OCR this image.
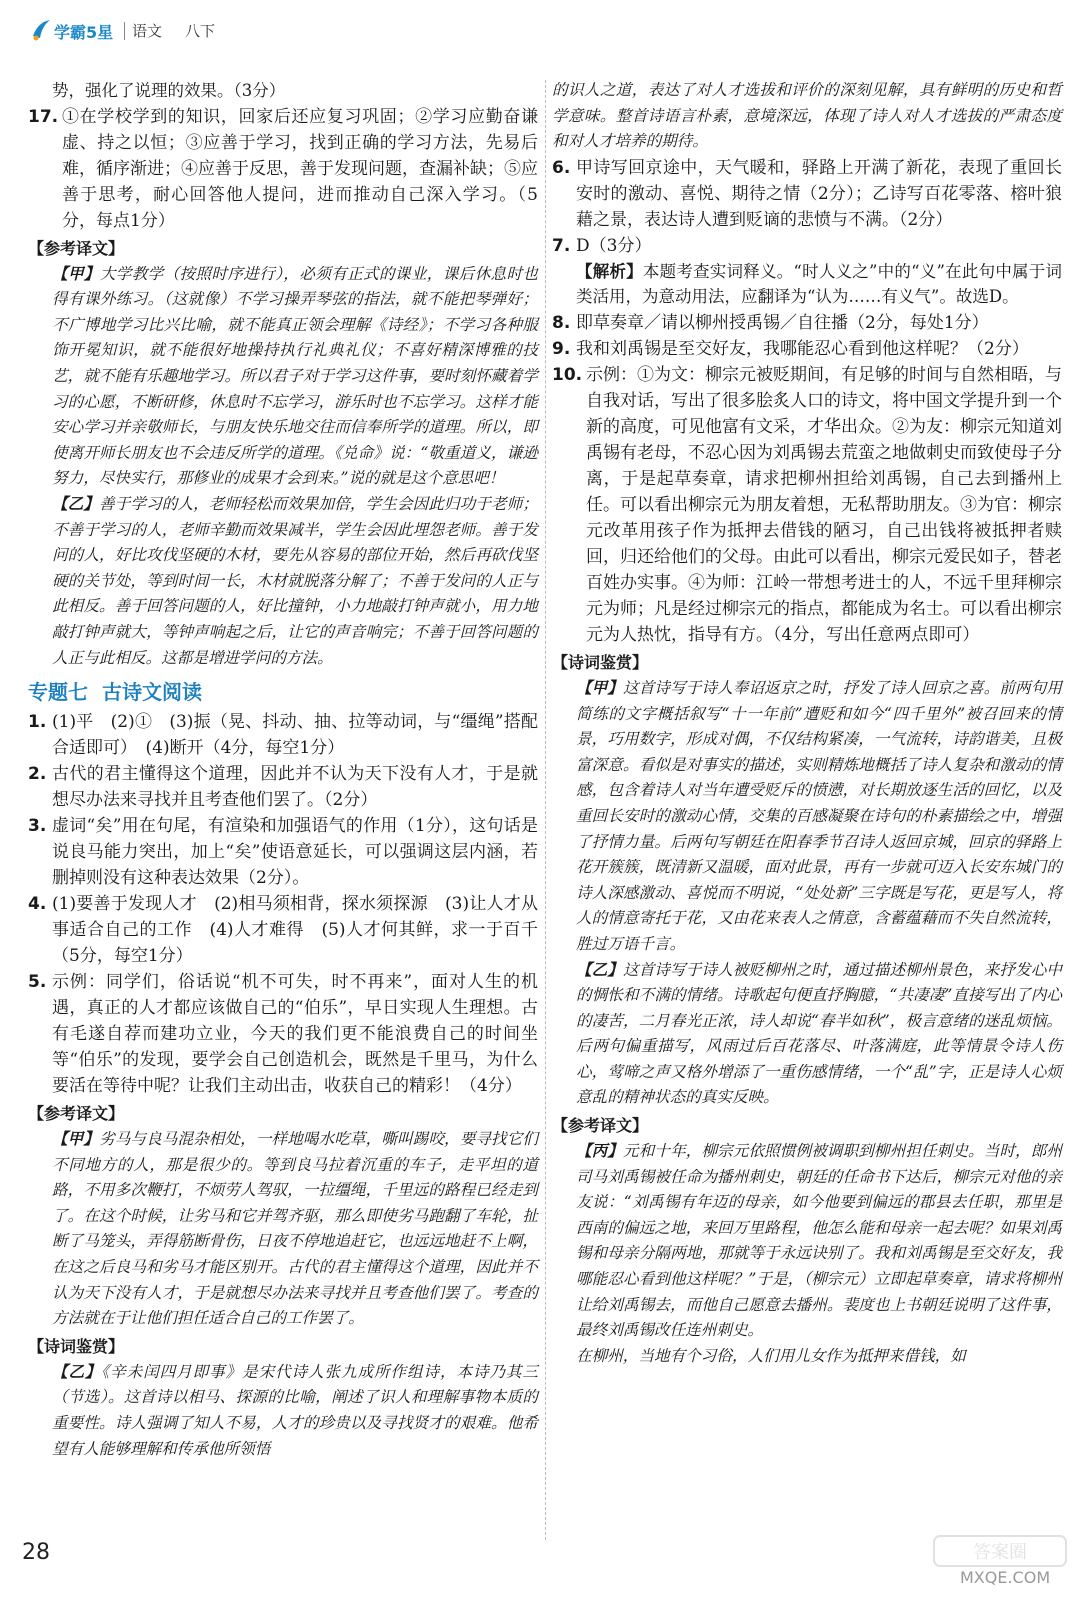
学霸5星 语文 八下

势，强化了说理的效果。（3分）

17. ①在学校学到的知识，回家后还应复习巩固；②学习应勤奋谦虚、持之以恒；③应善于学习，找到正确的学习方法，先易后难，循序渐进；④应善于反思，善于发现问题，查漏补缺；⑤应善于思考，耐心回答他人提问，进而推动自己深入学习。（5分，每点1分）

【参考译文】

【甲】大学教学（按照时序进行），必须有正式的课业，课后休息时也得有课外练习。（这就像）不学习操弄琴弦的指法，就不能把琴弹好；不广博地学习比兴比喻，就不能真正领会理解《诗经》；不学习各种服饰开冕知识，就不能很好地操持执行礼典礼仪；不喜好精深博雅的技艺，就不能有乐趣地学习。所以君子对于学习这件事，要时刻怀藏着学习的心愿，不断研修，休息时不忘学习，游乐时也不忘学习。这样才能安心学习并亲敬师长，与朋友快乐地交往而信奉所学的道理。所以，即使离开师长朋友也不会违反所学的道理。《兑命》说：“敬重道义，谦逊努力，尽快实行，那修业的成果才会到来。”说的就是这个意思吧！

【乙】善于学习的人，老师轻松而效果加倍，学生会因此归功于老师；不善于学习的人，老师辛勤而效果减半，学生会因此埋怨老师。善于发问的人，好比攻伐坚硬的木材，要先从容易的部位开始，然后再砍伐坚硬的关节处，等到时间一长，木材就脱落分解了；不善于发问的人正与此相反。善于回答问题的人，好比撞钟，小力地敲打钟声就小，用力地敲打钟声就大，等钟声响起之后，让它的声音响完；不善于回答问题的人正与此相反。这都是增进学问的方法。

专题七 古诗文阅读
1. (1)平　(2)①　(3)振（晃、抖动、抽、拉等动词，与“缰绳”搭配合适即可）　(4)断开（4分，每空1分）
2. 古代的君主懂得这个道理，因此并不认为天下没有人才，于是就想尽办法来寻找并且考查他们罢了。（2分）
3. 虚词“矣”用在句尾，有渲染和加强语气的作用（1分），这句话是说良马能力突出，加上“矣”使语意延长，可以强调这层内涵，若删掉则没有这种表达效果（2分）。
4. (1)要善于发现人才　(2)相马须相背，探水须探源　(3)让人才从事适合自己的工作　(4)人才难得　(5)人才何其鲜，求一于百千（5分，每空1分）
5. 示例：同学们，俗话说“机不可失，时不再来”，面对人生的机遇，真正的人才都应该做自己的“伯乐”，早日实现人生理想。古有毛遂自荐而建功立业，今天的我们更不能浪费自己的时间坐等“伯乐”的发现，要学会自己创造机会，既然是千里马，为什么要活在等待中呢？让我们主动出击，收获自己的精彩！（4分）

【参考译文】

【甲】劣马与良马混杂相处，一样地喝水吃草，嘶叫踢咬，要寻找它们不同地方的人，那是很少的。等到良马拉着沉重的车子，走平坦的道路，不用多次鞭打，不烦劳人驾驭，一拉缰绳，千里远的路程已经走到了。在这个时候，让劣马和它并驾齐驱，那么即使劣马跑翻了车轮，扯断了马笼头，弄得筋断骨伤，日夜不停地追赶它，也远远地赶不上啊，在这之后良马和劣马才能区别开。古代的君主懂得这个道理，因此并不认为天下没有人才，于是就想尽办法来寻找并且考查他们罢了。考查的方法就在于让他们担任适合自己的工作罢了。

【诗词鉴赏】

【乙】《辛未闰四月即事》是宋代诗人张九成所作组诗，本诗乃其三（节选）。这首诗以相马、探源的比喻，阐述了识人和理解事物本质的重要性。诗人强调了知人不易，人才的珍贵以及寻找贤才的艰难。他希望有人能够理解和传承他所领悟

的识人之道，表达了对人才选拔和评价的深刻见解，具有鲜明的历史和哲学意味。整首诗语言朴素，意境深远，体现了诗人对人才选拔的严肃态度和对人才培养的期待。

6. 甲诗写回京途中，天气暖和，驿路上开满了新花，表现了重回长安时的激动、喜悦、期待之情（2分）；乙诗写百花零落、榕叶狼藉之景，表达诗人遭到贬谪的悲愤与不满。（2分）
7. D（3分）

【解析】本题考查实词释义。“时人义之”中的“义”在此句中属于词类活用，为意动用法，应翻译为“认为……有义气”。故选D。

8. 即草奏章／请以柳州授禹锡／自往播（2分，每处1分）
9. 我和刘禹锡是至交好友，我哪能忍心看到他这样呢？（2分）
10. 示例：①为文：柳宗元被贬期间，有足够的时间与自然相晤，与自我对话，写出了很多脍炙人口的诗文，将中国文学提升到一个新的高度，可见他富有文采，才华出众。②为友：柳宗元知道刘禹锡有老母，不忍心因为刘禹锡去荒蛮之地做刺史而致使母子分离，于是起草奏章，请求把柳州担给刘禹锡，自己去到播州上任。可以看出柳宗元为朋友着想，无私帮助朋友。③为官：柳宗元改革用孩子作为抵押去借钱的陋习，自己出钱将被抵押者赎回，归还给他们的父母。由此可以看出，柳宗元爱民如子，替老百姓办实事。④为师：江岭一带想考进士的人，不远千里拜柳宗元为师；凡是经过柳宗元的指点，都能成为名士。可以看出柳宗元为人热忱，指导有方。（4分，写出任意两点即可）

【诗词鉴赏】

【甲】这首诗写于诗人奉诏返京之时，抒发了诗人回京之喜。前两句用简练的文字概括叙写“十一年前”遭贬和如今“四千里外”被召回来的情景，巧用数字，形成对偶，不仅结构紧凑，一气流转，诗韵谐美，且极富深意。看似是对事实的描述，实则精炼地概括了诗人复杂和激动的情感，包含着诗人对当年遭受贬斥的愤懑，对长期放逐生活的回忆，以及重回长安时的激动心情，交集的百感凝聚在诗句的朴素描绘之中，增强了抒情力量。后两句写朝廷在阳春季节召诗人返回京城，回京的驿路上花开簇簇，既清新又温暖，面对此景，再有一步就可迈入长安东城门的诗人深感激动、喜悦而不明说，“处处新”三字既是写花，更是写人，将人的情意寄托于花，又由花来表人之情意，含蓄蕴藉而不失自然流转，胜过万语千言。

【乙】这首诗写于诗人被贬柳州之时，通过描述柳州景色，来抒发心中的惆怅和不满的情绪。诗歌起句便直抒胸臆，“共凄凄”直接写出了内心的凄苦，二月春光正浓，诗人却说“春半如秋”，极言意绪的迷乱烦恼。后两句偏重描写，风雨过后百花落尽、叶落满庭，此等情景令诗人伤心，莺啼之声又格外增添了一重伤感情绪，一个“乱”字，正是诗人心烦意乱的精神状态的真实反映。

【参考译文】

【丙】元和十年，柳宗元依照惯例被调职到柳州担任刺史。当时，郎州司马刘禹锡被任命为播州刺史，朝廷的任命书下达后，柳宗元对他的亲友说：“刘禹锡有年迈的母亲，如今他要到偏远的郡县去任职，那里是西南的偏远之地，来回万里路程，他怎么能和母亲一起去呢？如果刘禹锡和母亲分隔两地，那就等于永远诀别了。我和刘禹锡是至交好友，我哪能忍心看到他这样呢？”于是，（柳宗元）立即起草奏章，请求将柳州让给刘禹锡去，而他自己愿意去播州。裴度也上书朝廷说明了这件事，最终刘禹锡改任连州刺史。

在柳州，当地有个习俗，人们用儿女作为抵押来借钱，如

28	答案圈
MXQE.COM
